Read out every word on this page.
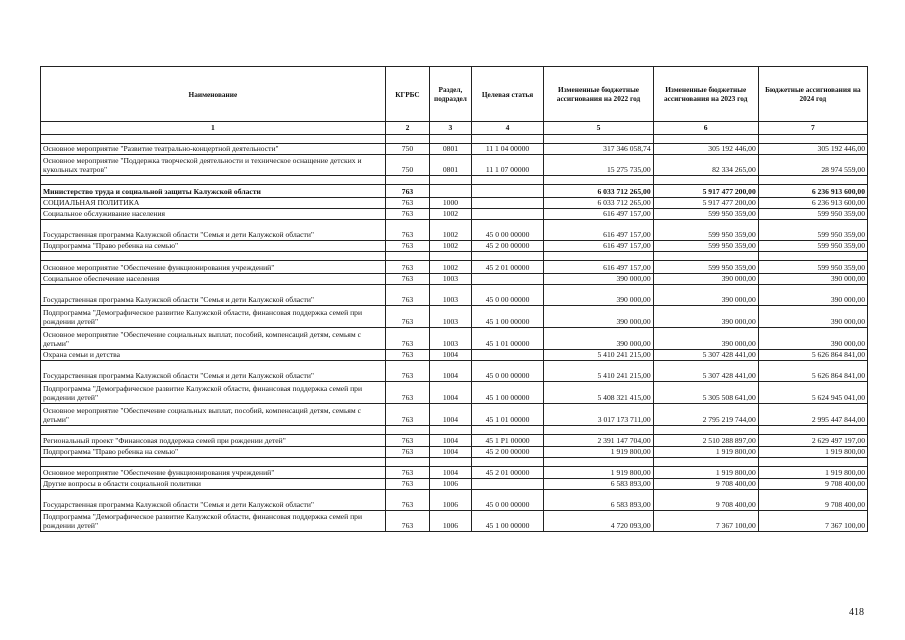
Наименование	КГРБС	Раздел, подраздел	Целевая статья	Измененные бюджетные ассигнования на 2022 год	Измененные бюджетные ассигнования на 2023 год	Бюджетные ассигнования на 2024 год
1	2	3	4	5	6	7

Основное мероприятие "Развитие театрально-концертной деятельности"	750	0801	11 1 04 00000	317 346 058,74	305 192 446,00	305 192 446,00
Основное мероприятие "Поддержка творческой деятельности и техническое оснащение детских и кукольных театров"	750	0801	11 1 07 00000	15 275 735,00	82 334 265,00	28 974 559,00

Министерство труда и социальной защиты Калужской области	763			6 033 712 265,00	5 917 477 200,00	6 236 913 600,00
СОЦИАЛЬНАЯ ПОЛИТИКА	763	1000		6 033 712 265,00	5 917 477 200,00	6 236 913 600,00
Социальное обслуживание населения	763	1002		616 497 157,00	599 950 359,00	599 950 359,00
Государственная программа Калужской области "Семья и дети Калужской области"	763	1002	45 0 00 00000	616 497 157,00	599 950 359,00	599 950 359,00
Подпрограмма "Право ребенка на семью"	763	1002	45 2 00 00000	616 497 157,00	599 950 359,00	599 950 359,00

Основное мероприятие "Обеспечение функционирования учреждений"	763	1002	45 2 01 00000	616 497 157,00	599 950 359,00	599 950 359,00
Социальное обеспечение населения	763	1003		390 000,00	390 000,00	390 000,00
Государственная программа Калужской области "Семья и дети Калужской области"	763	1003	45 0 00 00000	390 000,00	390 000,00	390 000,00
Подпрограмма "Демографическое развитие Калужской области, финансовая поддержка семей при рождении детей"	763	1003	45 1 00 00000	390 000,00	390 000,00	390 000,00
Основное мероприятие "Обеспечение социальных выплат, пособий, компенсаций детям, семьям с детьми"	763	1003	45 1 01 00000	390 000,00	390 000,00	390 000,00
Охрана семьи и детства	763	1004		5 410 241 215,00	5 307 428 441,00	5 626 864 841,00
Государственная программа Калужской области "Семья и дети Калужской области"	763	1004	45 0 00 00000	5 410 241 215,00	5 307 428 441,00	5 626 864 841,00
Подпрограмма "Демографическое развитие Калужской области, финансовая поддержка семей при рождении детей"	763	1004	45 1 00 00000	5 408 321 415,00	5 305 508 641,00	5 624 945 041,00
Основное мероприятие "Обеспечение социальных выплат, пособий, компенсаций детям, семьям с детьми"	763	1004	45 1 01 00000	3 017 173 711,00	2 795 219 744,00	2 995 447 844,00

Региональный проект "Финансовая поддержка семей при рождении детей"	763	1004	45 1 P1 00000	2 391 147 704,00	2 510 288 897,00	2 629 497 197,00
Подпрограмма "Право ребенка на семью"	763	1004	45 2 00 00000	1 919 800,00	1 919 800,00	1 919 800,00

Основное мероприятие "Обеспечение функционирования учреждений"	763	1004	45 2 01 00000	1 919 800,00	1 919 800,00	1 919 800,00
Другие вопросы в области социальной политики	763	1006		6 583 893,00	9 708 400,00	9 708 400,00
Государственная программа Калужской области "Семья и дети Калужской области"	763	1006	45 0 00 00000	6 583 893,00	9 708 400,00	9 708 400,00
Подпрограмма "Демографическое развитие Калужской области, финансовая поддержка семей при рождении детей"	763	1006	45 1 00 00000	4 720 093,00	7 367 100,00	7 367 100,00
418
